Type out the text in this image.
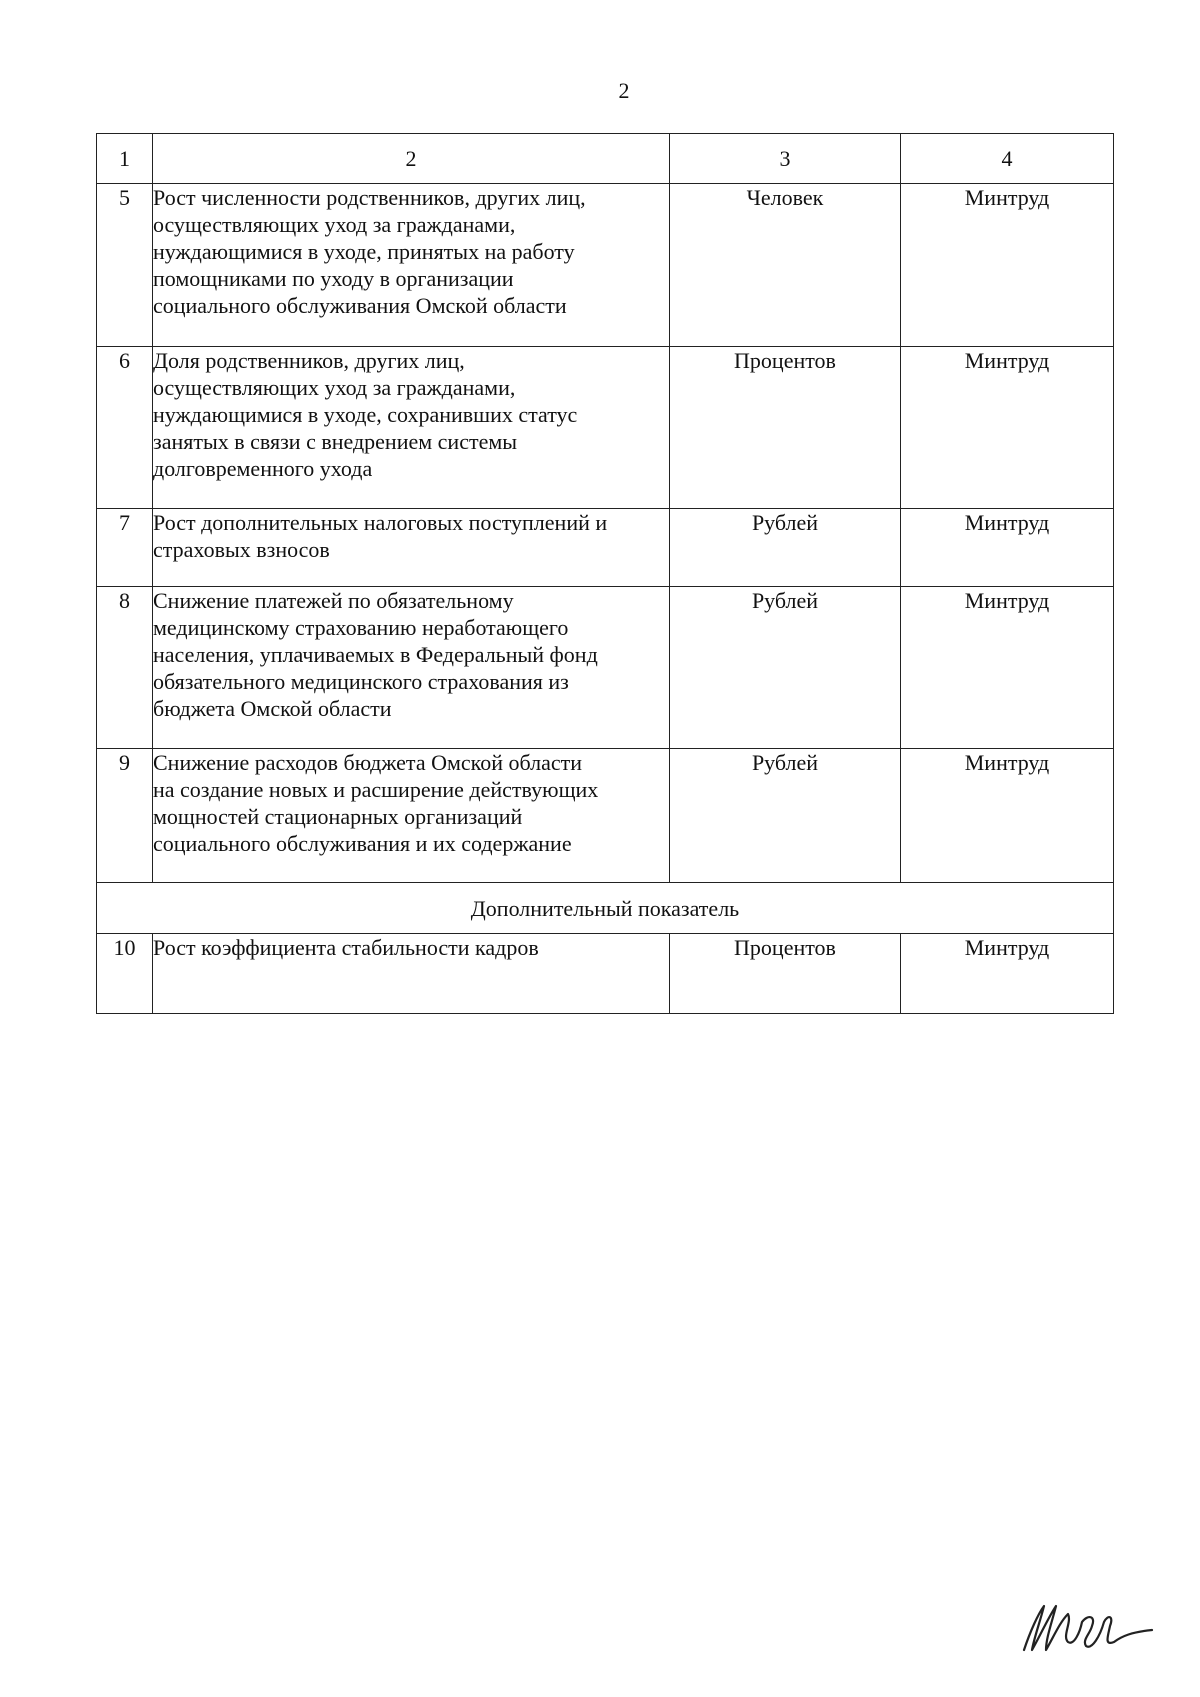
2
1	2	3	4
5	Рост численности родственников, других лиц,
осуществляющих уход за гражданами,
нуждающимися в уходе, принятых на работу
помощниками по уходу в организации
социального обслуживания Омской области	Человек	Минтруд
6	Доля родственников, других лиц,
осуществляющих уход за гражданами,
нуждающимися в уходе, сохранивших статус
занятых в связи с внедрением системы
долговременного ухода	Процентов	Минтруд
7	Рост дополнительных налоговых поступлений и
страховых взносов	Рублей	Минтруд
8	Снижение платежей по обязательному
медицинскому страхованию неработающего
населения, уплачиваемых в Федеральный фонд
обязательного медицинского страхования из
бюджета Омской области	Рублей	Минтруд
9	Снижение расходов бюджета Омской области
на создание новых и расширение действующих
мощностей стационарных организаций
социального обслуживания и их содержание	Рублей	Минтруд
Дополнительный показатель			
10	Рост коэффициента стабильности кадров	Процентов	Минтруд
